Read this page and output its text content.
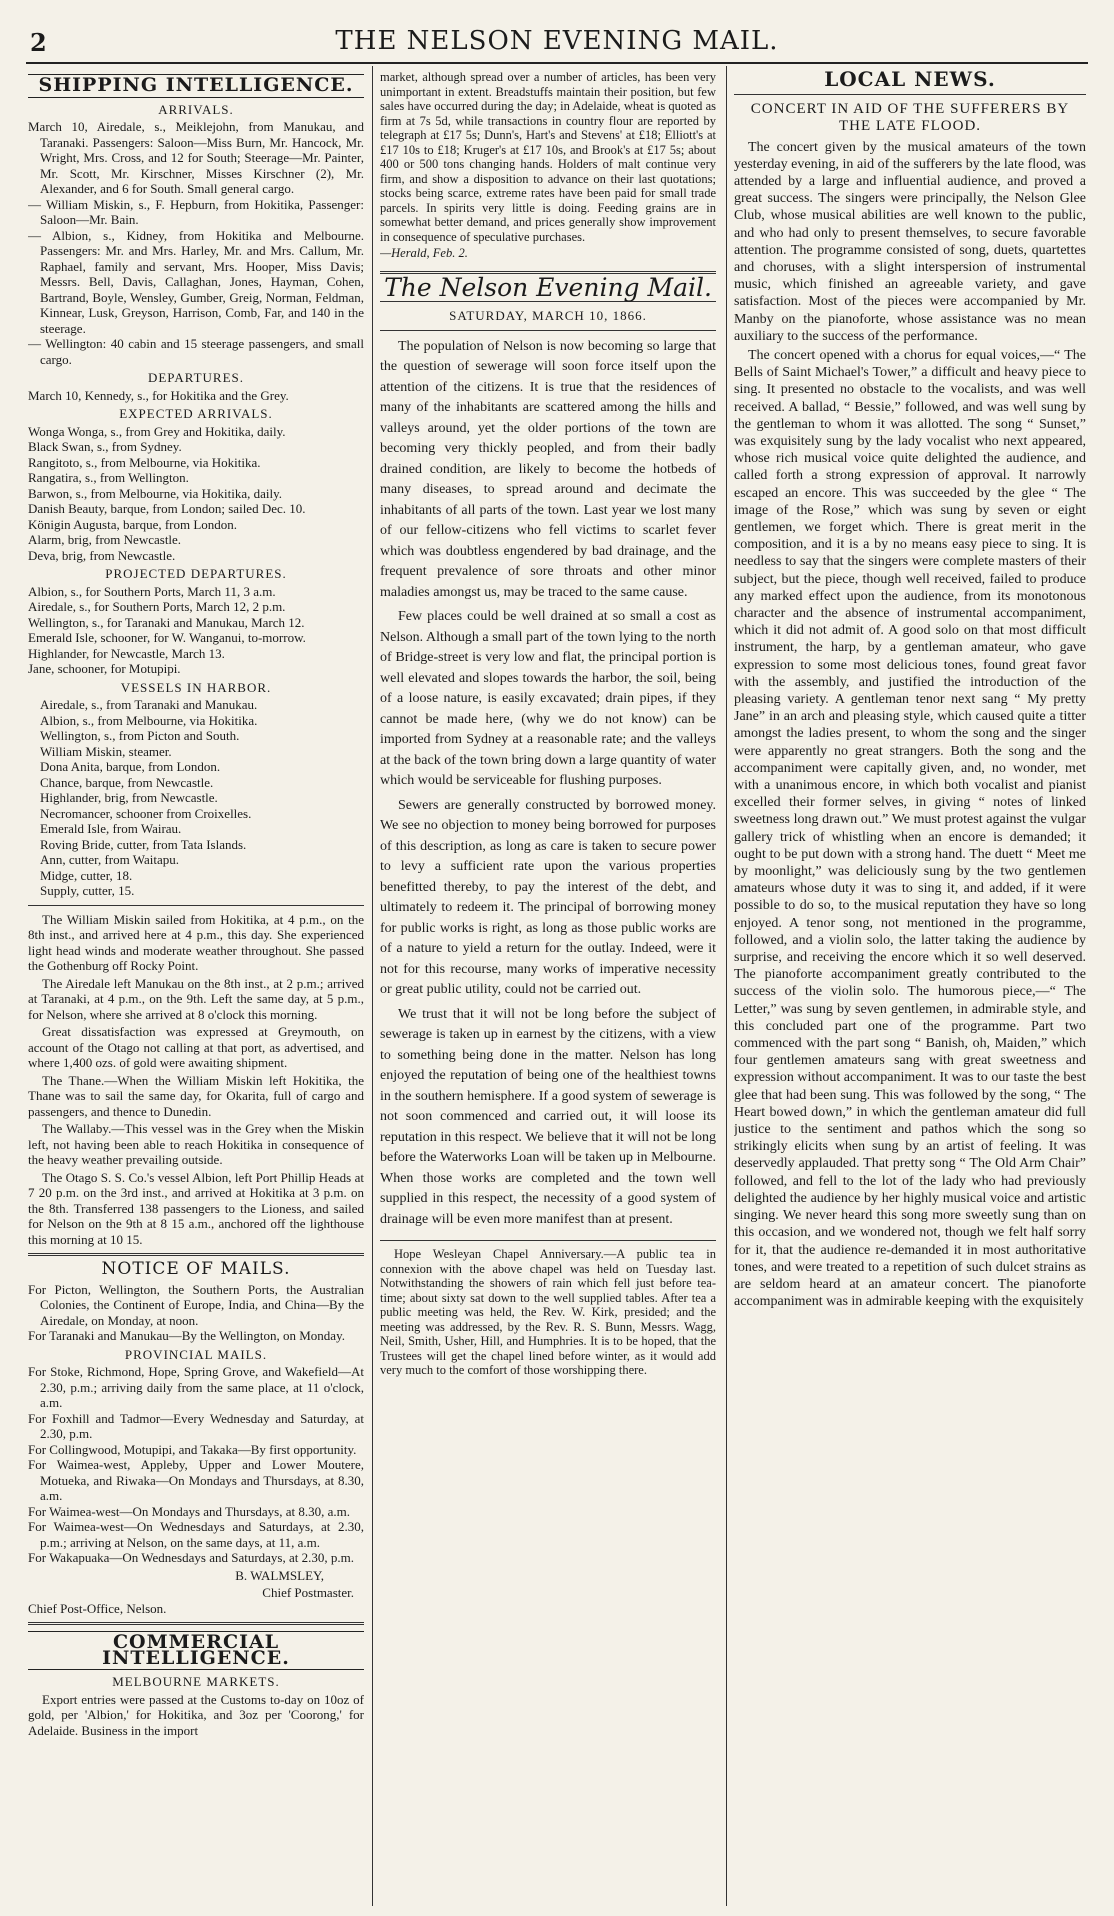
2	THE NELSON EVENING MAIL.
SHIPPING INTELLIGENCE.
ARRIVALS.

March 10, Airedale, s., Meiklejohn, from Manukau, and Taranaki. Passengers: Saloon—Miss Burn, Mr. Hancock, Mr. Wright, Mrs. Cross, and 12 for South; Steerage—Mr. Painter, Mr. Scott, Mr. Kirschner, Misses Kirschner (2), Mr. Alexander, and 6 for South. Small general cargo.

— William Miskin, s., F. Hepburn, from Hokitika, Passenger: Saloon—Mr. Bain.

— Albion, s., Kidney, from Hokitika and Melbourne. Passengers: Mr. and Mrs. Harley, Mr. and Mrs. Callum, Mr. Raphael, family and servant, Mrs. Hooper, Miss Davis; Messrs. Bell, Davis, Callaghan, Jones, Hayman, Cohen, Bartrand, Boyle, Wensley, Gumber, Greig, Norman, Feldman, Kinnear, Lusk, Greyson, Harrison, Comb, Far, and 140 in the steerage.

— Wellington: 40 cabin and 15 steerage passengers, and small cargo.

DEPARTURES.

March 10, Kennedy, s., for Hokitika and the Grey.

EXPECTED ARRIVALS.

Wonga Wonga, s., from Grey and Hokitika, daily.

Black Swan, s., from Sydney.

Rangitoto, s., from Melbourne, via Hokitika.

Rangatira, s., from Wellington.

Barwon, s., from Melbourne, via Hokitika, daily.

Danish Beauty, barque, from London; sailed Dec. 10.

Königin Augusta, barque, from London.

Alarm, brig, from Newcastle.

Deva, brig, from Newcastle.

PROJECTED DEPARTURES.

Albion, s., for Southern Ports, March 11, 3 a.m.

Airedale, s., for Southern Ports, March 12, 2 p.m.

Wellington, s., for Taranaki and Manukau, March 12.

Emerald Isle, schooner, for W. Wanganui, to-morrow.

Highlander, for Newcastle, March 13.

Jane, schooner, for Motupipi.

VESSELS IN HARBOR.

Airedale, s., from Taranaki and Manukau.

Albion, s., from Melbourne, via Hokitika.

Wellington, s., from Picton and South.

William Miskin, steamer.

Dona Anita, barque, from London.

Chance, barque, from Newcastle.

Highlander, brig, from Newcastle.

Necromancer, schooner from Croixelles.

Emerald Isle, from Wairau.

Roving Bride, cutter, from Tata Islands.

Ann, cutter, from Waitapu.

Midge, cutter, 18.

Supply, cutter, 15.

The William Miskin sailed from Hokitika, at 4 p.m., on the 8th inst., and arrived here at 4 p.m., this day. She experienced light head winds and moderate weather throughout. She passed the Gothenburg off Rocky Point.

The Airedale left Manukau on the 8th inst., at 2 p.m.; arrived at Taranaki, at 4 p.m., on the 9th. Left the same day, at 5 p.m., for Nelson, where she arrived at 8 o'clock this morning.

Great dissatisfaction was expressed at Greymouth, on account of the Otago not calling at that port, as advertised, and where 1,400 ozs. of gold were awaiting shipment.

The Thane.—When the William Miskin left Hokitika, the Thane was to sail the same day, for Okarita, full of cargo and passengers, and thence to Dunedin.

The Wallaby.—This vessel was in the Grey when the Miskin left, not having been able to reach Hokitika in consequence of the heavy weather prevailing outside.

The Otago S. S. Co.'s vessel Albion, left Port Phillip Heads at 7 20 p.m. on the 3rd inst., and arrived at Hokitika at 3 p.m. on the 8th. Transferred 138 passengers to the Lioness, and sailed for Nelson on the 9th at 8 15 a.m., anchored off the lighthouse this morning at 10 15.

NOTICE OF MAILS.

For Picton, Wellington, the Southern Ports, the Australian Colonies, the Continent of Europe, India, and China—By the Airedale, on Monday, at noon.

For Taranaki and Manukau—By the Wellington, on Monday.

PROVINCIAL MAILS.

For Stoke, Richmond, Hope, Spring Grove, and Wakefield—At 2.30, p.m.; arriving daily from the same place, at 11 o'clock, a.m.

For Foxhill and Tadmor—Every Wednesday and Saturday, at 2.30, p.m.

For Collingwood, Motupipi, and Takaka—By first opportunity.

For Waimea-west, Appleby, Upper and Lower Moutere, Motueka, and Riwaka—On Mondays and Thursdays, at 8.30, a.m.

For Waimea-west—On Mondays and Thursdays, at 8.30, a.m.

For Waimea-west—On Wednesdays and Saturdays, at 2.30, p.m.; arriving at Nelson, on the same days, at 11, a.m.

For Wakapuaka—On Wednesdays and Saturdays, at 2.30, p.m.

B. WALMSLEY,

Chief Postmaster.

Chief Post-Office, Nelson.

COMMERCIAL INTELLIGENCE.
MELBOURNE MARKETS.

Export entries were passed at the Customs to-day on 10oz of gold, per 'Albion,' for Hokitika, and 3oz per 'Coorong,' for Adelaide. Business in the import

market, although spread over a number of articles, has been very unimportant in extent. Breadstuffs maintain their position, but few sales have occurred during the day; in Adelaide, wheat is quoted as firm at 7s 5d, while transactions in country flour are reported by telegraph at £17 5s; Dunn's, Hart's and Stevens' at £18; Elliott's at £17 10s to £18; Kruger's at £17 10s, and Brook's at £17 5s; about 400 or 500 tons changing hands. Holders of malt continue very firm, and show a disposition to advance on their last quotations; stocks being scarce, extreme rates have been paid for small trade parcels. In spirits very little is doing. Feeding grains are in somewhat better demand, and prices generally show improvement in consequence of speculative purchases.

—Herald, Feb. 2.

The Nelson Evening Mail.
SATURDAY, MARCH 10, 1866.

The population of Nelson is now becoming so large that the question of sewerage will soon force itself upon the attention of the citizens. It is true that the residences of many of the inhabitants are scattered among the hills and valleys around, yet the older portions of the town are becoming very thickly peopled, and from their badly drained condition, are likely to become the hotbeds of many diseases, to spread around and decimate the inhabitants of all parts of the town. Last year we lost many of our fellow-citizens who fell victims to scarlet fever which was doubtless engendered by bad drainage, and the frequent prevalence of sore throats and other minor maladies amongst us, may be traced to the same cause.

Few places could be well drained at so small a cost as Nelson. Although a small part of the town lying to the north of Bridge-street is very low and flat, the principal portion is well elevated and slopes towards the harbor, the soil, being of a loose nature, is easily excavated; drain pipes, if they cannot be made here, (why we do not know) can be imported from Sydney at a reasonable rate; and the valleys at the back of the town bring down a large quantity of water which would be serviceable for flushing purposes.

Sewers are generally constructed by borrowed money. We see no objection to money being borrowed for purposes of this description, as long as care is taken to secure power to levy a sufficient rate upon the various properties benefitted thereby, to pay the interest of the debt, and ultimately to redeem it. The principal of borrowing money for public works is right, as long as those public works are of a nature to yield a return for the outlay. Indeed, were it not for this recourse, many works of imperative necessity or great public utility, could not be carried out.

We trust that it will not be long before the subject of sewerage is taken up in earnest by the citizens, with a view to something being done in the matter. Nelson has long enjoyed the reputation of being one of the healthiest towns in the southern hemisphere. If a good system of sewerage is not soon commenced and carried out, it will loose its reputation in this respect. We believe that it will not be long before the Waterworks Loan will be taken up in Melbourne. When those works are completed and the town well supplied in this respect, the necessity of a good system of drainage will be even more manifest than at present.

Hope Wesleyan Chapel Anniversary.—A public tea in connexion with the above chapel was held on Tuesday last. Notwithstanding the showers of rain which fell just before tea-time; about sixty sat down to the well supplied tables. After tea a public meeting was held, the Rev. W. Kirk, presided; and the meeting was addressed, by the Rev. R. S. Bunn, Messrs. Wagg, Neil, Smith, Usher, Hill, and Humphries. It is to be hoped, that the Trustees will get the chapel lined before winter, as it would add very much to the comfort of those worshipping there.

LOCAL NEWS.
CONCERT IN AID OF THE SUFFERERS BY THE LATE FLOOD.

The concert given by the musical amateurs of the town yesterday evening, in aid of the sufferers by the late flood, was attended by a large and influential audience, and proved a great success. The singers were principally, the Nelson Glee Club, whose musical abilities are well known to the public, and who had only to present themselves, to secure favorable attention. The programme consisted of song, duets, quartettes and choruses, with a slight interspersion of instrumental music, which finished an agreeable variety, and gave satisfaction. Most of the pieces were accompanied by Mr. Manby on the pianoforte, whose assistance was no mean auxiliary to the success of the performance.

The concert opened with a chorus for equal voices,—“ The Bells of Saint Michael's Tower,” a difficult and heavy piece to sing. It presented no obstacle to the vocalists, and was well received. A ballad, “ Bessie,” followed, and was well sung by the gentleman to whom it was allotted. The song “ Sunset,” was exquisitely sung by the lady vocalist who next appeared, whose rich musical voice quite delighted the audience, and called forth a strong expression of approval. It narrowly escaped an encore. This was succeeded by the glee “ The image of the Rose,” which was sung by seven or eight gentlemen, we forget which. There is great merit in the composition, and it is a by no means easy piece to sing. It is needless to say that the singers were complete masters of their subject, but the piece, though well received, failed to produce any marked effect upon the audience, from its monotonous character and the absence of instrumental accompaniment, which it did not admit of. A good solo on that most difficult instrument, the harp, by a gentleman amateur, who gave expression to some most delicious tones, found great favor with the assembly, and justified the introduction of the pleasing variety. A gentleman tenor next sang “ My pretty Jane” in an arch and pleasing style, which caused quite a titter amongst the ladies present, to whom the song and the singer were apparently no great strangers. Both the song and the accompaniment were capitally given, and, no wonder, met with a unanimous encore, in which both vocalist and pianist excelled their former selves, in giving “ notes of linked sweetness long drawn out.” We must protest against the vulgar gallery trick of whistling when an encore is demanded; it ought to be put down with a strong hand. The duett “ Meet me by moonlight,” was deliciously sung by the two gentlemen amateurs whose duty it was to sing it, and added, if it were possible to do so, to the musical reputation they have so long enjoyed. A tenor song, not mentioned in the programme, followed, and a violin solo, the latter taking the audience by surprise, and receiving the encore which it so well deserved. The pianoforte accompaniment greatly contributed to the success of the violin solo. The humorous piece,—“ The Letter,” was sung by seven gentlemen, in admirable style, and this concluded part one of the programme. Part two commenced with the part song “ Banish, oh, Maiden,” which four gentlemen amateurs sang with great sweetness and expression without accompaniment. It was to our taste the best glee that had been sung. This was followed by the song, “ The Heart bowed down,” in which the gentleman amateur did full justice to the sentiment and pathos which the song so strikingly elicits when sung by an artist of feeling. It was deservedly applauded. That pretty song “ The Old Arm Chair” followed, and fell to the lot of the lady who had previously delighted the audience by her highly musical voice and artistic singing. We never heard this song more sweetly sung than on this occasion, and we wondered not, though we felt half sorry for it, that the audience re-demanded it in most authoritative tones, and were treated to a repetition of such dulcet strains as are seldom heard at an amateur concert. The pianoforte accompaniment was in admirable keeping with the exquisitely
